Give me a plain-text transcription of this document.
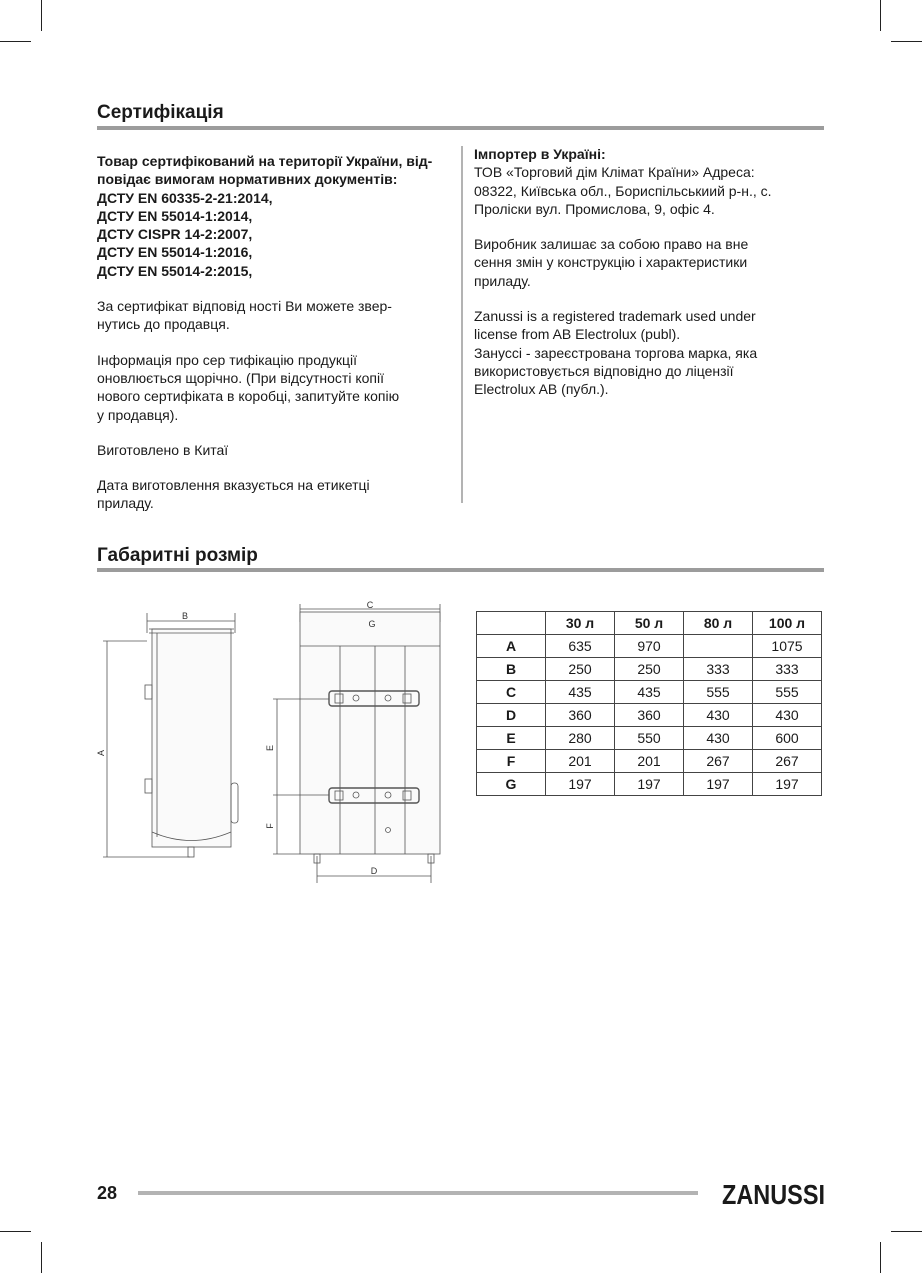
Сертифікація

Товар сертифікований на території України, від-
повідає вимогам нормативних документів:
ДСТУ EN 60335-2-21:2014,
ДСТУ EN 55014-1:2014,
ДСТУ CISPR 14-2:2007,
ДСТУ EN 55014-1:2016,
ДСТУ EN 55014-2:2015,

За сертифікат відповід ності Ви можете звер-
нутись до продавця.

Інформація про сер тифікацію продукції
оновлюється щорічно. (При відсутності копії
нового сертифіката в коробці, запитуйте копію
у продавця).

Виготовлено в Китаї

Дата виготовлення вказується на етикетці
приладу.

Імпортер в Україні:
ТОВ «Торговий дім Клімат Країни» Адреса:
08322, Київська обл., Бориспільськиий р-н., с.
Пролiски вул. Промислова, 9, офіс 4.

Виробник залишає за собою право на вне
сення змін у конструкцію і характеристики
приладу.

Zanussi is a registered trademark used under
license from AB Electrolux (publ).
Зануссі - зареєстрована торгова марка, яка
використовується відповідно до ліцензії
Electrolux AB (публ.).

Габаритні розмір
B
A
C
G
D
E
F
	30 л	50 л	80 л	100 л
A	635	970		1075
B	250	250	333	333
C	435	435	555	555
D	360	360	430	430
E	280	550	430	600
F	201	201	267	267
G	197	197	197	197
28	ZANUSSI
